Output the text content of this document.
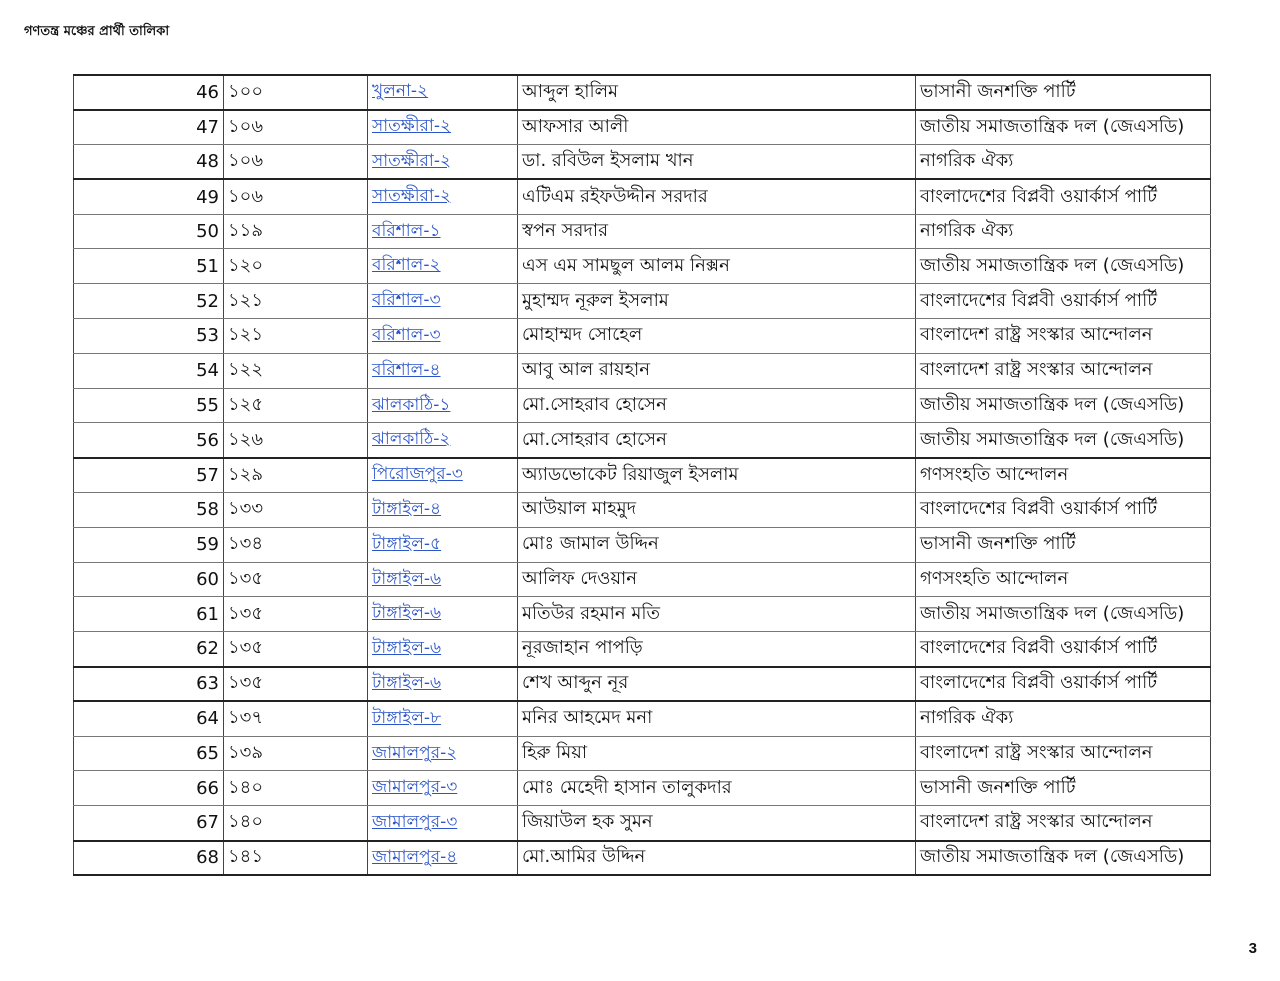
গণতন্ত্র মঞ্চের প্রার্থী তালিকা
46	১০০	খুলনা-২	আব্দুল হালিম	ভাসানী জনশক্তি পার্টি
47	১০৬	সাতক্ষীরা-২	আফসার আলী	জাতীয় সমাজতান্ত্রিক দল (জেএসডি)
48	১০৬	সাতক্ষীরা-২	ডা. রবিউল ইসলাম খান	নাগরিক ঐক্য
49	১০৬	সাতক্ষীরা-২	এটিএম রইফউদ্দীন সরদার	বাংলাদেশের বিপ্লবী ওয়ার্কার্স পার্টি
50	১১৯	বরিশাল-১	স্বপন সরদার	নাগরিক ঐক্য
51	১২০	বরিশাল-২	এস এম সামছুল আলম নিক্সন	জাতীয় সমাজতান্ত্রিক দল (জেএসডি)
52	১২১	বরিশাল-৩	মুহাম্মদ নূরুল ইসলাম	বাংলাদেশের বিপ্লবী ওয়ার্কার্স পার্টি
53	১২১	বরিশাল-৩	মোহাম্মদ সোহেল	বাংলাদেশ রাষ্ট্র সংস্কার আন্দোলন
54	১২২	বরিশাল-৪	আবু আল রায়হান	বাংলাদেশ রাষ্ট্র সংস্কার আন্দোলন
55	১২৫	ঝালকাঠি-১	মো.সোহরাব হোসেন	জাতীয় সমাজতান্ত্রিক দল (জেএসডি)
56	১২৬	ঝালকাঠি-২	মো.সোহরাব হোসেন	জাতীয় সমাজতান্ত্রিক দল (জেএসডি)
57	১২৯	পিরোজপুর-৩	অ্যাডভোকেট রিয়াজুল ইসলাম	গণসংহতি আন্দোলন
58	১৩৩	টাঙ্গাইল-৪	আউয়াল মাহমুদ	বাংলাদেশের বিপ্লবী ওয়ার্কার্স পার্টি
59	১৩৪	টাঙ্গাইল-৫	মোঃ জামাল উদ্দিন	ভাসানী জনশক্তি পার্টি
60	১৩৫	টাঙ্গাইল-৬	আলিফ দেওয়ান	গণসংহতি আন্দোলন
61	১৩৫	টাঙ্গাইল-৬	মতিউর রহমান মতি	জাতীয় সমাজতান্ত্রিক দল (জেএসডি)
62	১৩৫	টাঙ্গাইল-৬	নূরজাহান পাপড়ি	বাংলাদেশের বিপ্লবী ওয়ার্কার্স পার্টি
63	১৩৫	টাঙ্গাইল-৬	শেখ আব্দুন নূর	বাংলাদেশের বিপ্লবী ওয়ার্কার্স পার্টি
64	১৩৭	টাঙ্গাইল-৮	মনির আহমেদ মনা	নাগরিক ঐক্য
65	১৩৯	জামালপুর-২	হিরু মিয়া	বাংলাদেশ রাষ্ট্র সংস্কার আন্দোলন
66	১৪০	জামালপুর-৩	মোঃ মেহেদী হাসান তালুকদার	ভাসানী জনশক্তি পার্টি
67	১৪০	জামালপুর-৩	জিয়াউল হক সুমন	বাংলাদেশ রাষ্ট্র সংস্কার আন্দোলন
68	১৪১	জামালপুর-৪	মো.আমির উদ্দিন	জাতীয় সমাজতান্ত্রিক দল (জেএসডি)
3
